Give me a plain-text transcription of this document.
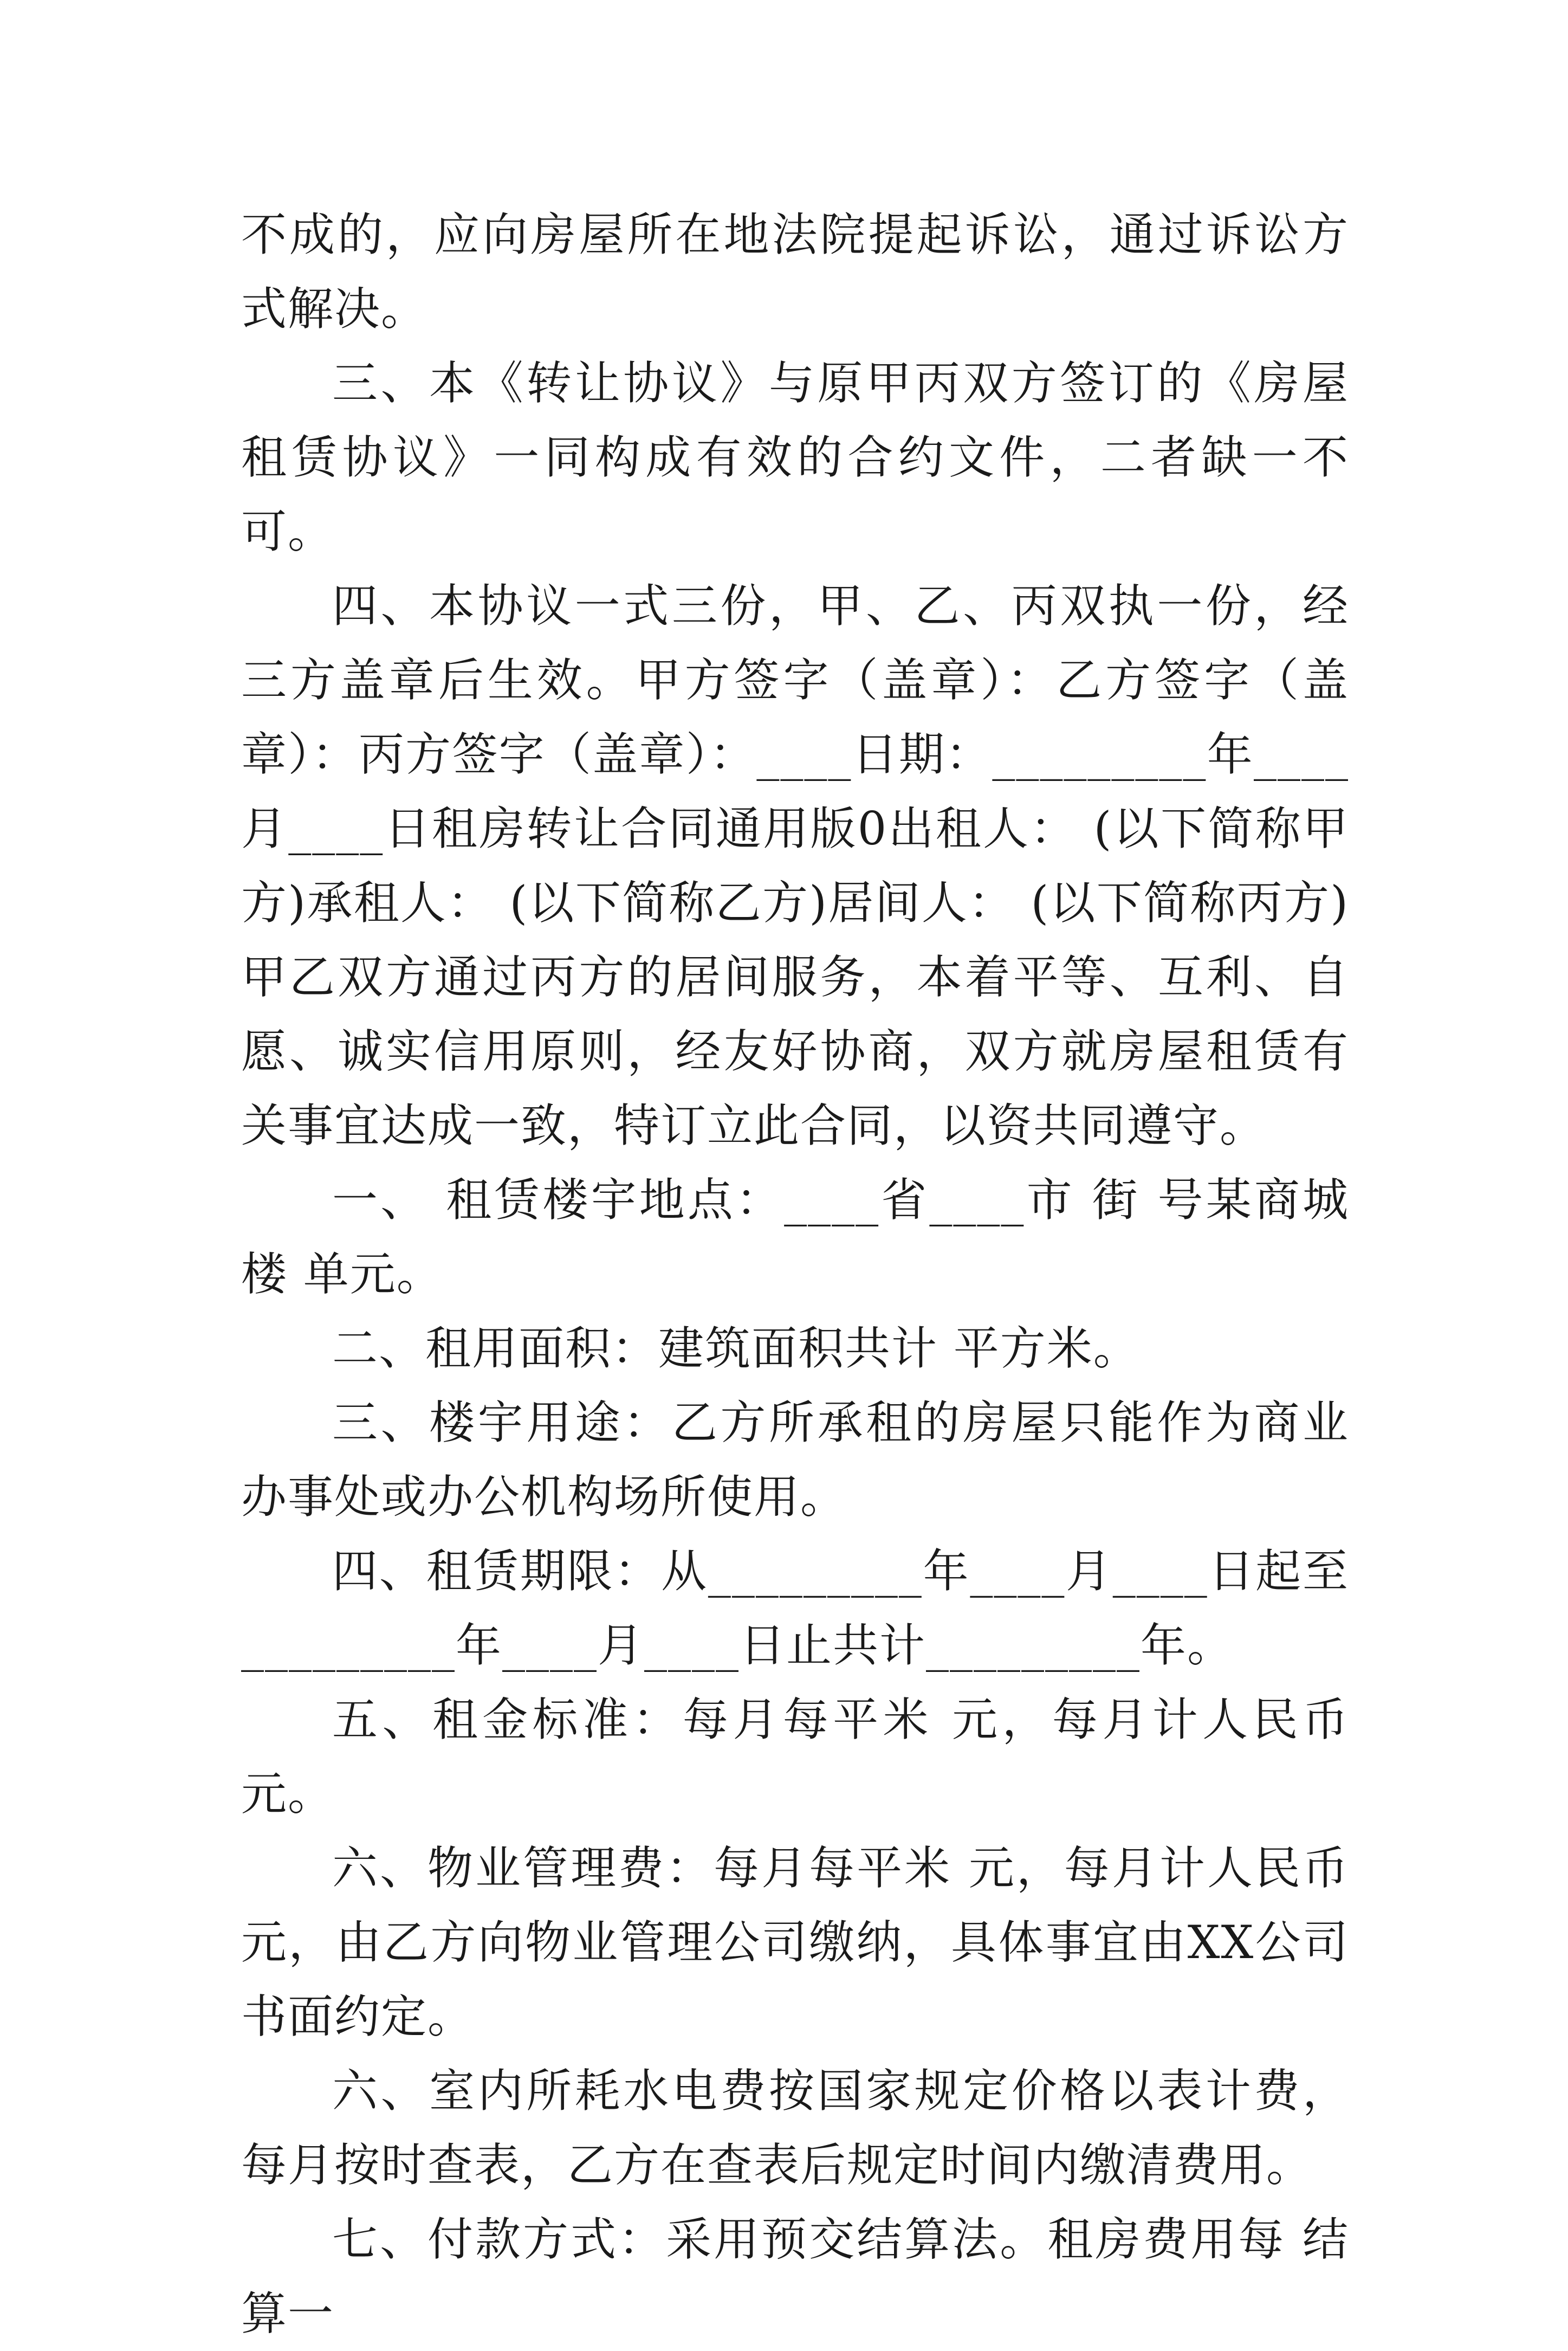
不成的，应向房屋所在地法院提起诉讼，通过诉讼方式解决。

三、本《转让协议》与原甲丙双方签订的《房屋租赁协议》一同构成有效的合约文件，二者缺一不可。

四、本协议一式三份，甲、乙、丙双执一份，经三方盖章后生效。甲方签字（盖章）：乙方签字（盖章）：丙方签字（盖章）：____日期：_________年____月____日租房转让合同通用版0出租人： (以下简称甲方)承租人： (以下简称乙方)居间人： (以下简称丙方)甲乙双方通过丙方的居间服务，本着平等、互利、自愿、诚实信用原则，经友好协商，双方就房屋租赁有关事宜达成一致，特订立此合同，以资共同遵守。

一、 租赁楼宇地点：____省____市 街 号某商城 楼 单元。

二、租用面积：建筑面积共计 平方米。

三、楼宇用途：乙方所承租的房屋只能作为商业办事处或办公机构场所使用。

四、租赁期限：从_________年____月____日起至_________年____月____日止共计_________年。

五、租金标准：每月每平米 元，每月计人民币 元。

六、物业管理费：每月每平米 元，每月计人民币 元，由乙方向物业管理公司缴纳，具体事宜由XX公司书面约定。

六、室内所耗水电费按国家规定价格以表计费，每月按时查表，乙方在查表后规定时间内缴清费用。

七、付款方式：采用预交结算法。租房费用每 结算一
